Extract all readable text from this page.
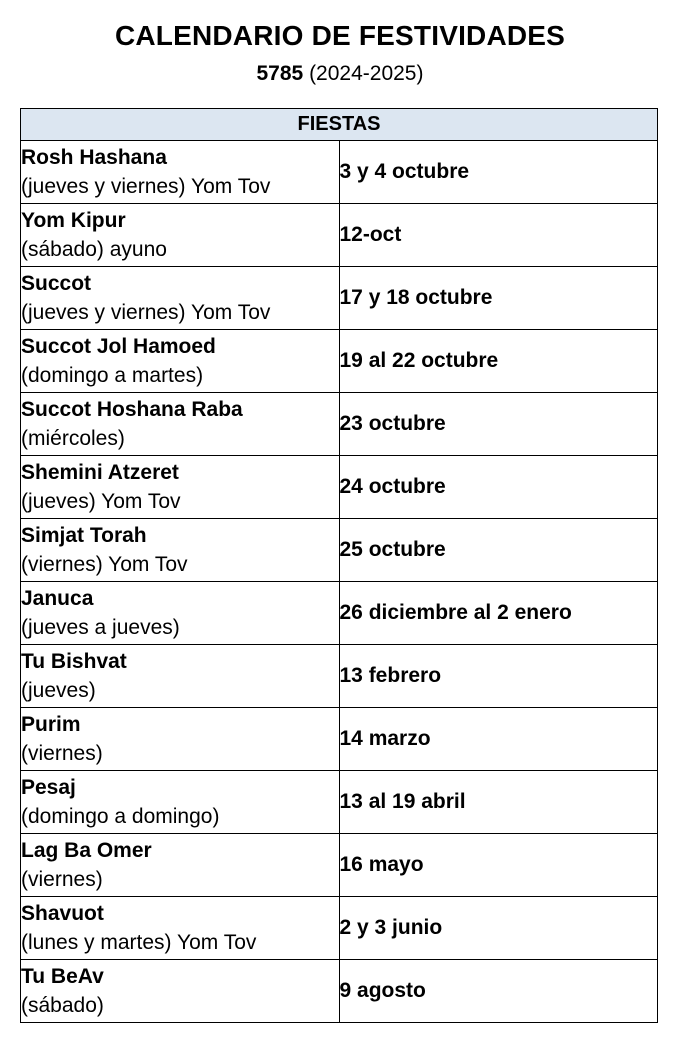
CALENDARIO DE FESTIVIDADES
5785 (2024-2025)
FIESTAS	

Rosh Hashana
(jueves y viernes) Yom Tov	3 y 4 octubre

Yom Kipur
(sábado) ayuno	12-oct

Succot
(jueves y viernes) Yom Tov	17 y 18 octubre

Succot Jol Hamoed
(domingo a martes)	19 al 22 octubre

Succot Hoshana Raba
(miércoles)	23 octubre

Shemini Atzeret
(jueves) Yom Tov	24 octubre

Simjat Torah
(viernes) Yom Tov	25 octubre

Januca
(jueves a jueves)	26 diciembre al 2 enero

Tu Bishvat
(jueves)	13 febrero

Purim
(viernes)	14 marzo

Pesaj
(domingo a domingo)	13 al 19 abril

Lag Ba Omer
(viernes)	16 mayo

Shavuot
(lunes y martes) Yom Tov	2 y 3 junio

Tu BeAv
(sábado)	9 agosto
